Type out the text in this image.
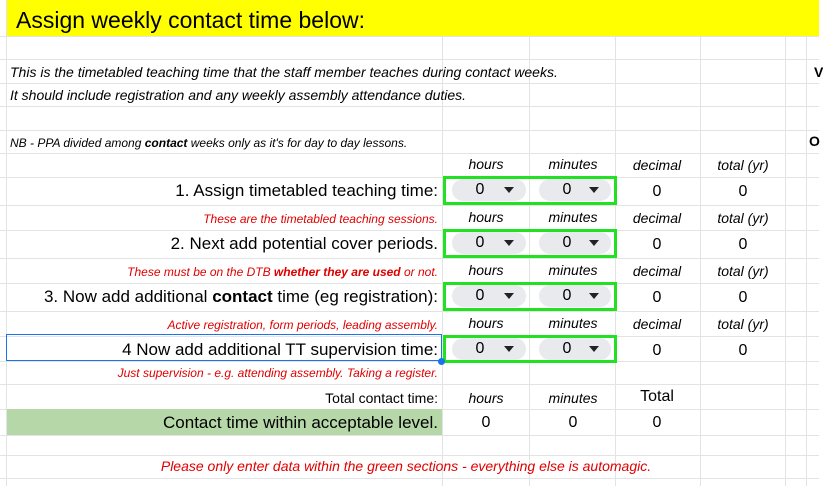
Assign weekly contact time below:
This is the timetabled teaching time that the staff member teaches during contact weeks.
It should include registration and any weekly assembly attendance duties.
NB - PPA divided among contact weeks only as it's for day to day lessons.
V
O
hours	minutes	decimal	total (yr)
1. Assign timetabled teaching time:	0	0	0	0
These are the timetabled teaching sessions.	hours	minutes	decimal	total (yr)
2. Next add potential cover periods.	0	0	0	0
These must be on the DTB whether they are used or not.	hours	minutes	decimal	total (yr)
3. Now add additional contact time (eg registration):	0	0	0	0
Active registration, form periods, leading assembly.	hours	minutes	decimal	total (yr)
4 Now add additional TT supervision time:	0	0	0	0
Just supervision - e.g. attending assembly. Taking a register.
Total contact time:	hours	minutes	Total
Contact time within acceptable level.	0	0	0
Please only enter data within the green sections - everything else is automagic.
